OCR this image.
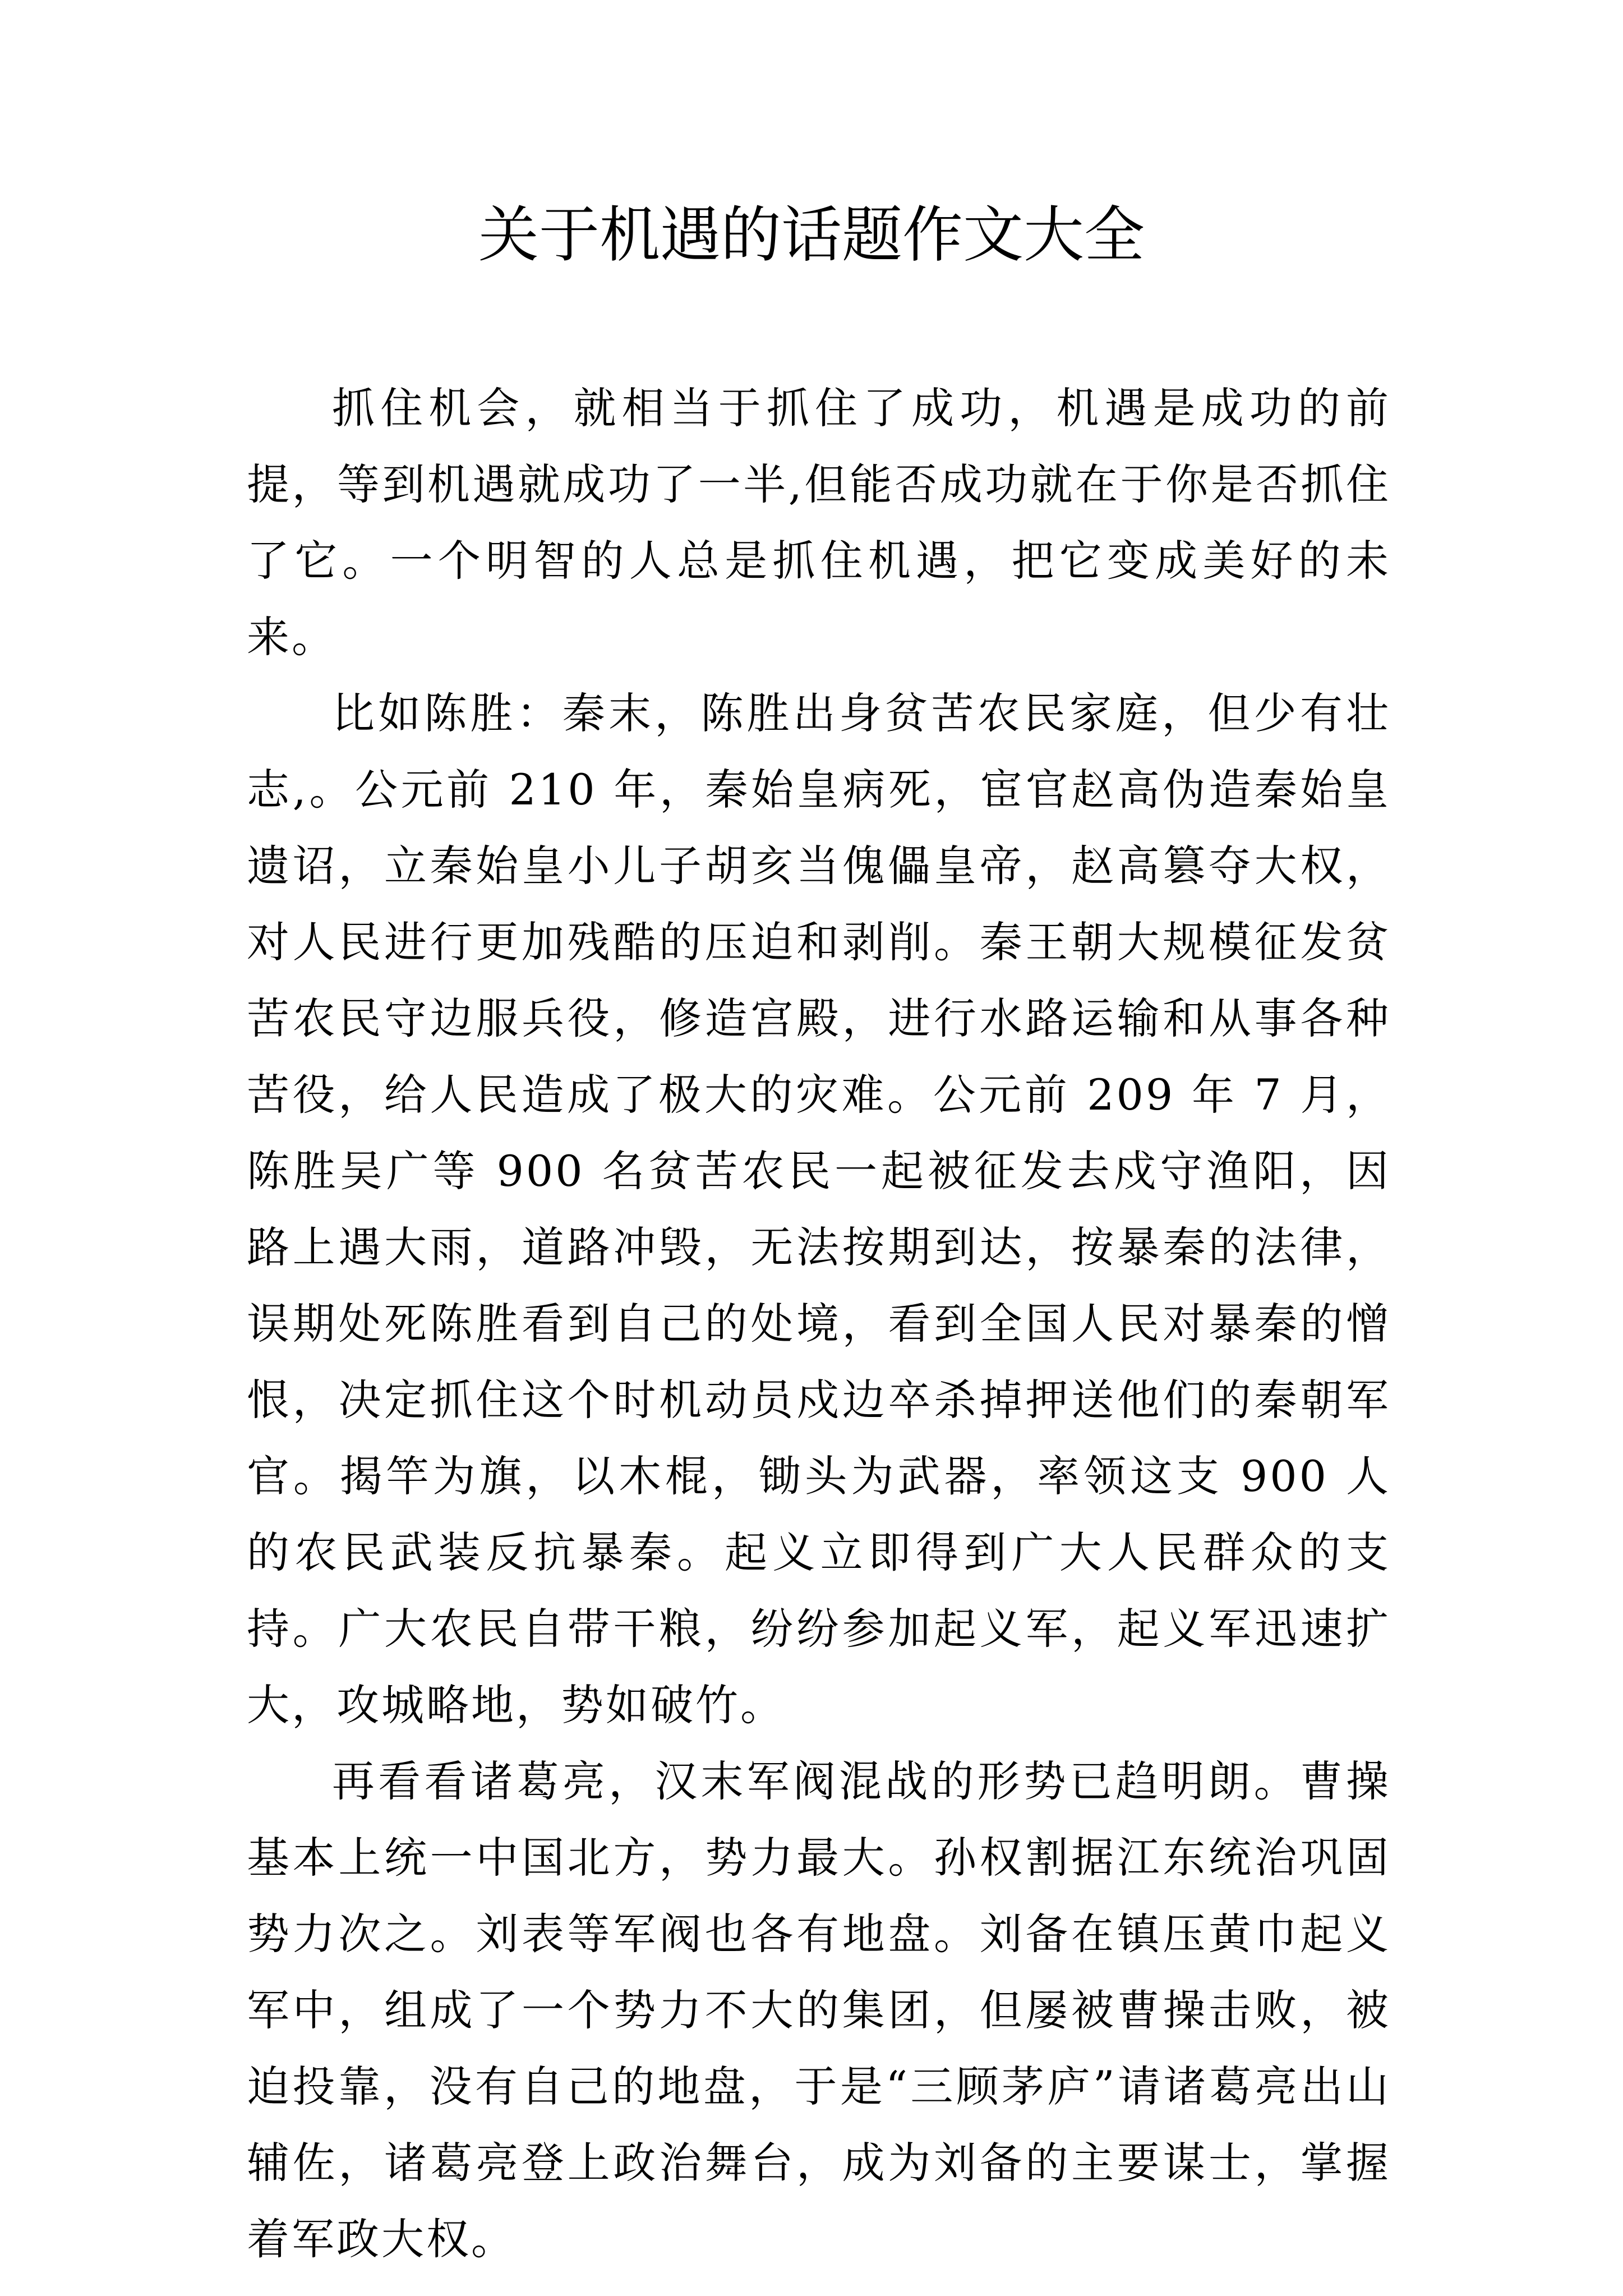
关于机遇的话题作文大全

抓住机会，就相当于抓住了成功，机遇是成功的前提，等到机遇就成功了一半,但能否成功就在于你是否抓住了它。一个明智的人总是抓住机遇，把它变成美好的未来。

比如陈胜：秦末，陈胜出身贫苦农民家庭，但少有壮志,。公元前 210 年，秦始皇病死，宦官赵高伪造秦始皇遗诏，立秦始皇小儿子胡亥当傀儡皇帝，赵高篡夺大权，对人民进行更加残酷的压迫和剥削。秦王朝大规模征发贫苦农民守边服兵役，修造宫殿，进行水路运输和从事各种苦役，给人民造成了极大的灾难。公元前 209 年 7 月，陈胜吴广等 900 名贫苦农民一起被征发去戍守渔阳，因路上遇大雨，道路冲毁，无法按期到达，按暴秦的法律，误期处死陈胜看到自己的处境，看到全国人民对暴秦的憎恨，决定抓住这个时机动员戍边卒杀掉押送他们的秦朝军官。揭竿为旗，以木棍，锄头为武器，率领这支 900 人的农民武装反抗暴秦。起义立即得到广大人民群众的支持。广大农民自带干粮，纷纷参加起义军，起义军迅速扩大，攻城略地，势如破竹。

再看看诸葛亮，汉末军阀混战的形势已趋明朗。曹操基本上统一中国北方，势力最大。孙权割据江东统治巩固势力次之。刘表等军阀也各有地盘。刘备在镇压黄巾起义军中，组成了一个势力不大的集团，但屡被曹操击败，被迫投靠，没有自己的地盘，于是“三顾茅庐”请诸葛亮出山辅佐，诸葛亮登上政治舞台，成为刘备的主要谋士，掌握着军政大权。
